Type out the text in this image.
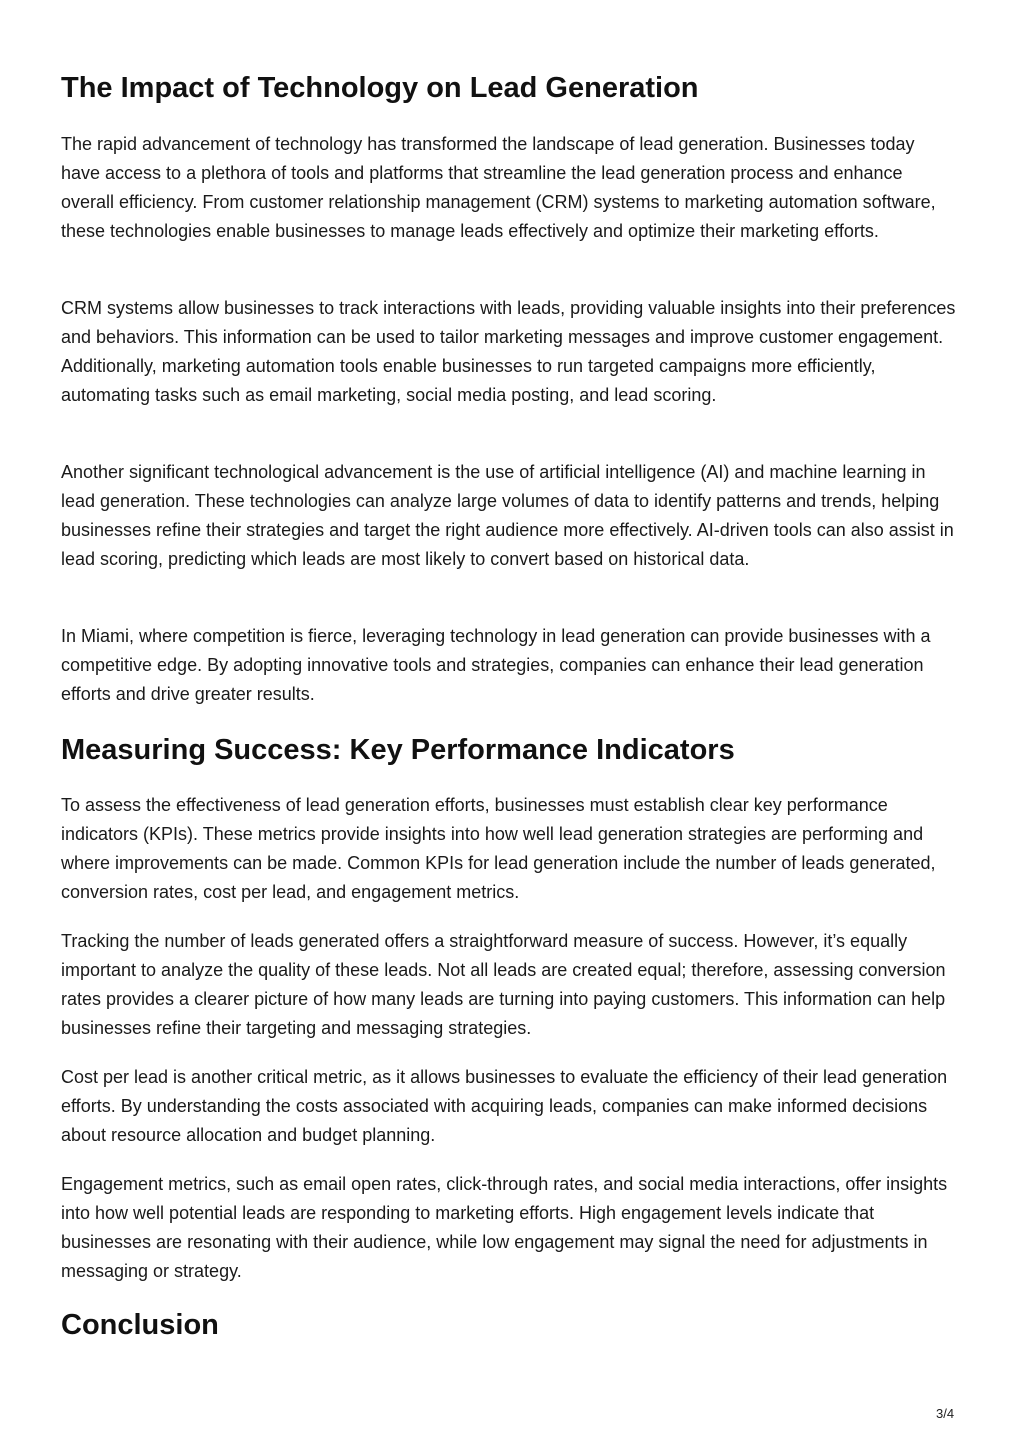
The Impact of Technology on Lead Generation

The rapid advancement of technology has transformed the landscape of lead generation. Businesses today have access to a plethora of tools and platforms that streamline the lead generation process and enhance overall efficiency. From customer relationship management (CRM) systems to marketing automation software, these technologies enable businesses to manage leads effectively and optimize their marketing efforts.

CRM systems allow businesses to track interactions with leads, providing valuable insights into their preferences and behaviors. This information can be used to tailor marketing messages and improve customer engagement. Additionally, marketing automation tools enable businesses to run targeted campaigns more efficiently, automating tasks such as email marketing, social media posting, and lead scoring.

Another significant technological advancement is the use of artificial intelligence (AI) and machine learning in lead generation. These technologies can analyze large volumes of data to identify patterns and trends, helping businesses refine their strategies and target the right audience more effectively. AI-driven tools can also assist in lead scoring, predicting which leads are most likely to convert based on historical data.

In Miami, where competition is fierce, leveraging technology in lead generation can provide businesses with a competitive edge. By adopting innovative tools and strategies, companies can enhance their lead generation efforts and drive greater results.

Measuring Success: Key Performance Indicators

To assess the effectiveness of lead generation efforts, businesses must establish clear key performance indicators (KPIs). These metrics provide insights into how well lead generation strategies are performing and where improvements can be made. Common KPIs for lead generation include the number of leads generated, conversion rates, cost per lead, and engagement metrics.

Tracking the number of leads generated offers a straightforward measure of success. However, it’s equally important to analyze the quality of these leads. Not all leads are created equal; therefore, assessing conversion rates provides a clearer picture of how many leads are turning into paying customers. This information can help businesses refine their targeting and messaging strategies.

Cost per lead is another critical metric, as it allows businesses to evaluate the efficiency of their lead generation efforts. By understanding the costs associated with acquiring leads, companies can make informed decisions about resource allocation and budget planning.

Engagement metrics, such as email open rates, click-through rates, and social media interactions, offer insights into how well potential leads are responding to marketing efforts. High engagement levels indicate that businesses are resonating with their audience, while low engagement may signal the need for adjustments in messaging or strategy.

Conclusion
3/4
